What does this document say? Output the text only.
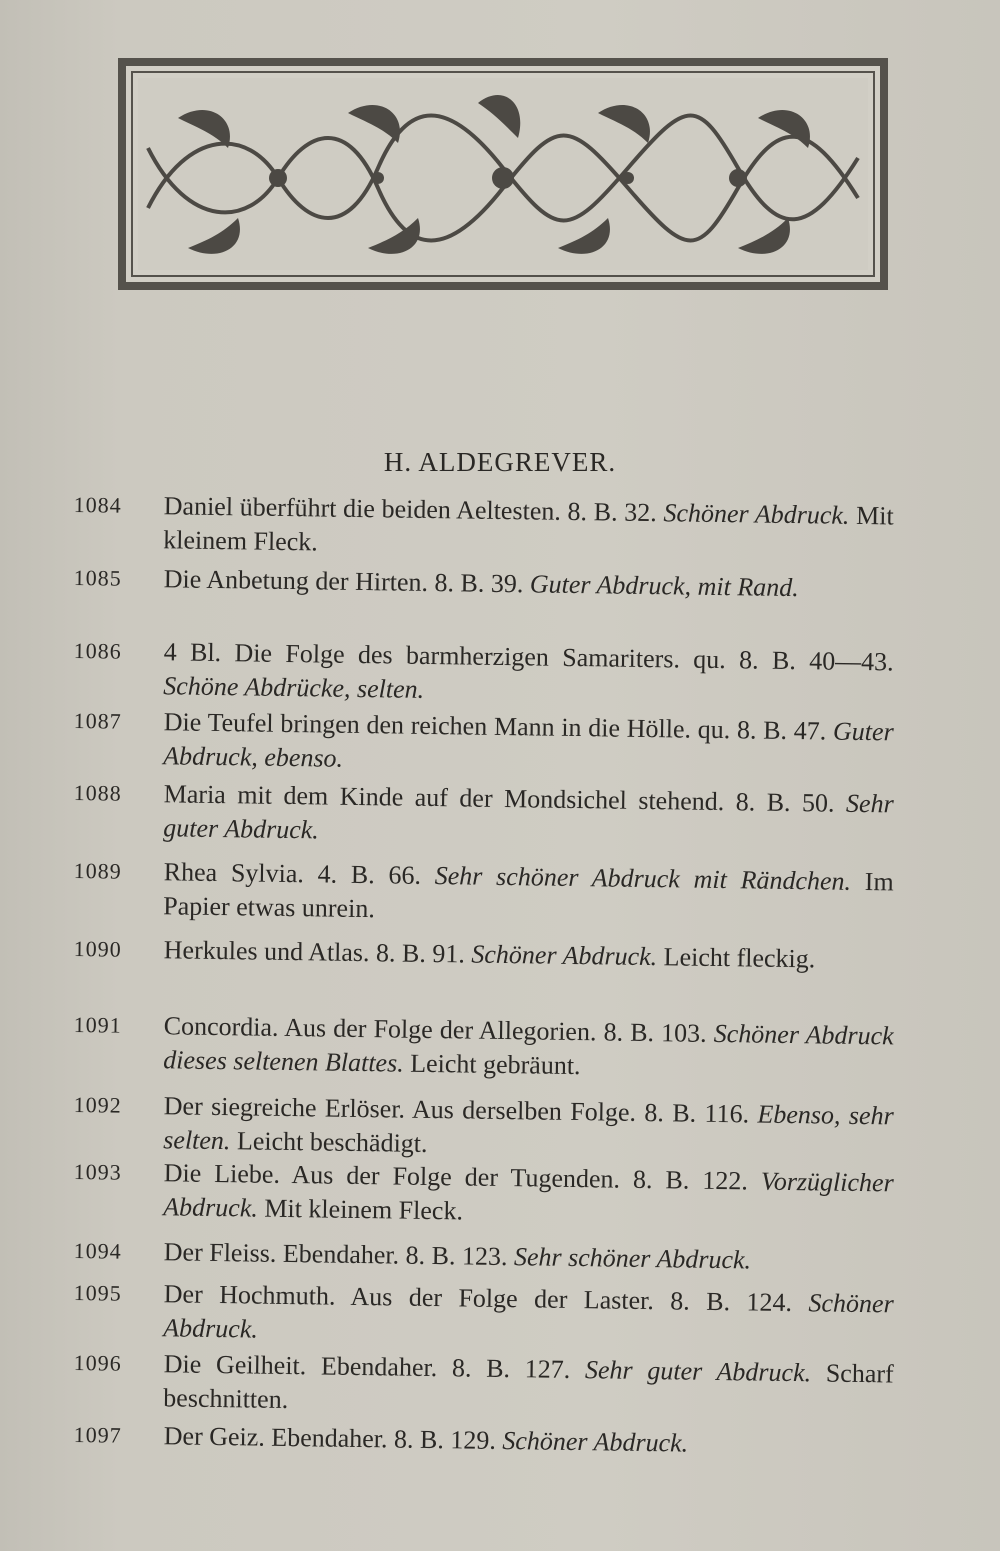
H. ALDEGREVER.
1084	Daniel überführt die beiden Aeltesten. 8. B. 32. Schöner Abdruck. Mit kleinem Fleck.
1085	Die Anbetung der Hirten. 8. B. 39. Guter Abdruck, mit Rand.
1086	4 Bl. Die Folge des barmherzigen Samariters. qu. 8. B. 40—43. Schöne Abdrücke, selten.
1087	Die Teufel bringen den reichen Mann in die Hölle. qu. 8. B. 47. Guter Abdruck, ebenso.
1088	Maria mit dem Kinde auf der Mondsichel stehend. 8. B. 50. Sehr guter Abdruck.
1089	Rhea Sylvia. 4. B. 66. Sehr schöner Abdruck mit Rändchen. Im Papier etwas unrein.
1090	Herkules und Atlas. 8. B. 91. Schöner Abdruck. Leicht fleckig.
1091	Concordia. Aus der Folge der Allegorien. 8. B. 103. Schöner Abdruck dieses seltenen Blattes. Leicht gebräunt.
1092	Der siegreiche Erlöser. Aus derselben Folge. 8. B. 116. Ebenso, sehr selten. Leicht beschädigt.
1093	Die Liebe. Aus der Folge der Tugenden. 8. B. 122. Vorzüglicher Abdruck. Mit kleinem Fleck.
1094	Der Fleiss. Ebendaher. 8. B. 123. Sehr schöner Abdruck.
1095	Der Hochmuth. Aus der Folge der Laster. 8. B. 124. Schöner Abdruck.
1096	Die Geilheit. Ebendaher. 8. B. 127. Sehr guter Abdruck. Scharf beschnitten.
1097	Der Geiz. Ebendaher. 8. B. 129. Schöner Abdruck.
